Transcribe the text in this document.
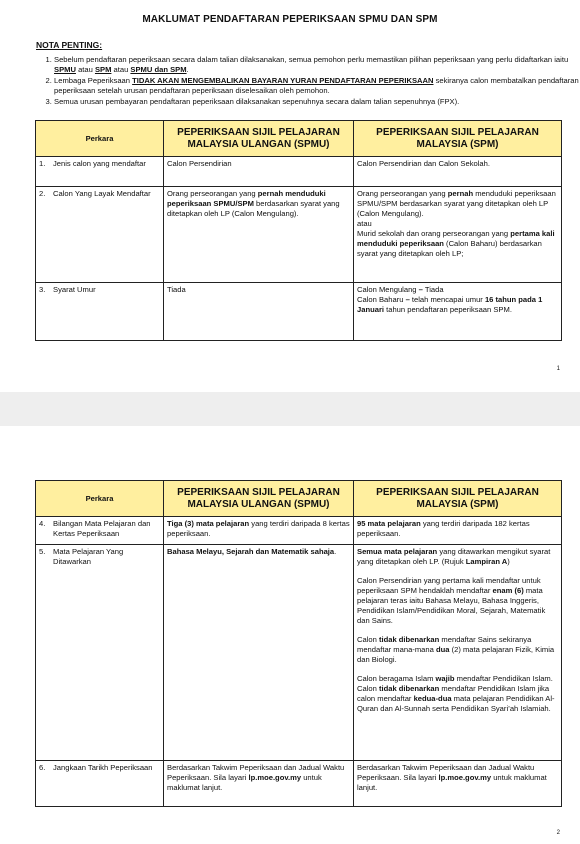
MAKLUMAT PENDAFTARAN PEPERIKSAAN SPMU DAN SPM
NOTA PENTING:
1. Sebelum pendaftaran peperiksaan secara dalam talian dilaksanakan, semua pemohon perlu memastikan pilihan peperiksaan yang perlu didaftarkan iaitu SPMU atau SPM atau SPMU dan SPM.
2. Lembaga Peperiksaan TIDAK AKAN MENGEMBALIKAN BAYARAN YURAN PENDAFTARAN PEPERIKSAAN sekiranya calon membatalkan pendaftaran peperiksaan setelah urusan pendaftaran peperiksaan diselesaikan oleh pemohon.
3. Semua urusan pembayaran pendaftaran peperiksaan dilaksanakan sepenuhnya secara dalam talian sepenuhnya (FPX).
Perkara	PEPERIKSAAN SIJIL PELAJARAN MALAYSIA ULANGAN (SPMU)	PEPERIKSAAN SIJIL PELAJARAN MALAYSIA (SPM)
1. Jenis calon yang mendaftar	Calon Persendirian	Calon Persendirian dan Calon Sekolah.
2. Calon Yang Layak Mendaftar	Orang perseorangan yang pernah menduduki peperiksaan SPMU/SPM berdasarkan syarat yang ditetapkan oleh LP (Calon Mengulang).	Orang perseorangan yang pernah menduduki peperiksaan SPMU/SPM berdasarkan syarat yang ditetapkan oleh LP (Calon Mengulang).
atau
Murid sekolah dan orang perseorangan yang pertama kali menduduki peperiksaan (Calon Baharu) berdasarkan syarat yang ditetapkan oleh LP;
3. Syarat Umur	Tiada	Calon Mengulang – Tiada
Calon Baharu – telah mencapai umur 16 tahun pada 1 Januari tahun pendaftaran peperiksaan SPM.
1
Perkara	PEPERIKSAAN SIJIL PELAJARAN MALAYSIA ULANGAN (SPMU)	PEPERIKSAAN SIJIL PELAJARAN MALAYSIA (SPM)
4. Bilangan Mata Pelajaran dan Kertas Peperiksaan	Tiga (3) mata pelajaran yang terdiri daripada 8 kertas peperiksaan.	95 mata pelajaran yang terdiri daripada 182 kertas peperiksaan.
5. Mata Pelajaran Yang Ditawarkan	Bahasa Melayu, Sejarah dan Matematik sahaja.	Semua mata pelajaran yang ditawarkan mengikut syarat yang ditetapkan oleh LP. (Rujuk Lampiran A)

Calon Persendirian yang pertama kali mendaftar untuk peperiksaan SPM hendaklah mendaftar enam (6) mata pelajaran teras iaitu Bahasa Melayu, Bahasa Inggeris, Pendidikan Islam/Pendidikan Moral, Sejarah, Matematik dan Sains.

Calon tidak dibenarkan mendaftar Sains sekiranya mendaftar mana-mana dua (2) mata pelajaran Fizik, Kimia dan Biologi.

Calon beragama Islam wajib mendaftar Pendidikan Islam. Calon tidak dibenarkan mendaftar Pendidikan Islam jika calon mendaftar kedua-dua mata pelajaran Pendidikan Al-Quran dan Al-Sunnah serta Pendidikan Syari’ah Islamiah.

6. Jangkaan Tarikh Peperiksaan	Berdasarkan Takwim Peperiksaan dan Jadual Waktu Peperiksaan. Sila layari lp.moe.gov.my untuk maklumat lanjut.	Berdasarkan Takwim Peperiksaan dan Jadual Waktu Peperiksaan. Sila layari lp.moe.gov.my untuk maklumat lanjut.
2
